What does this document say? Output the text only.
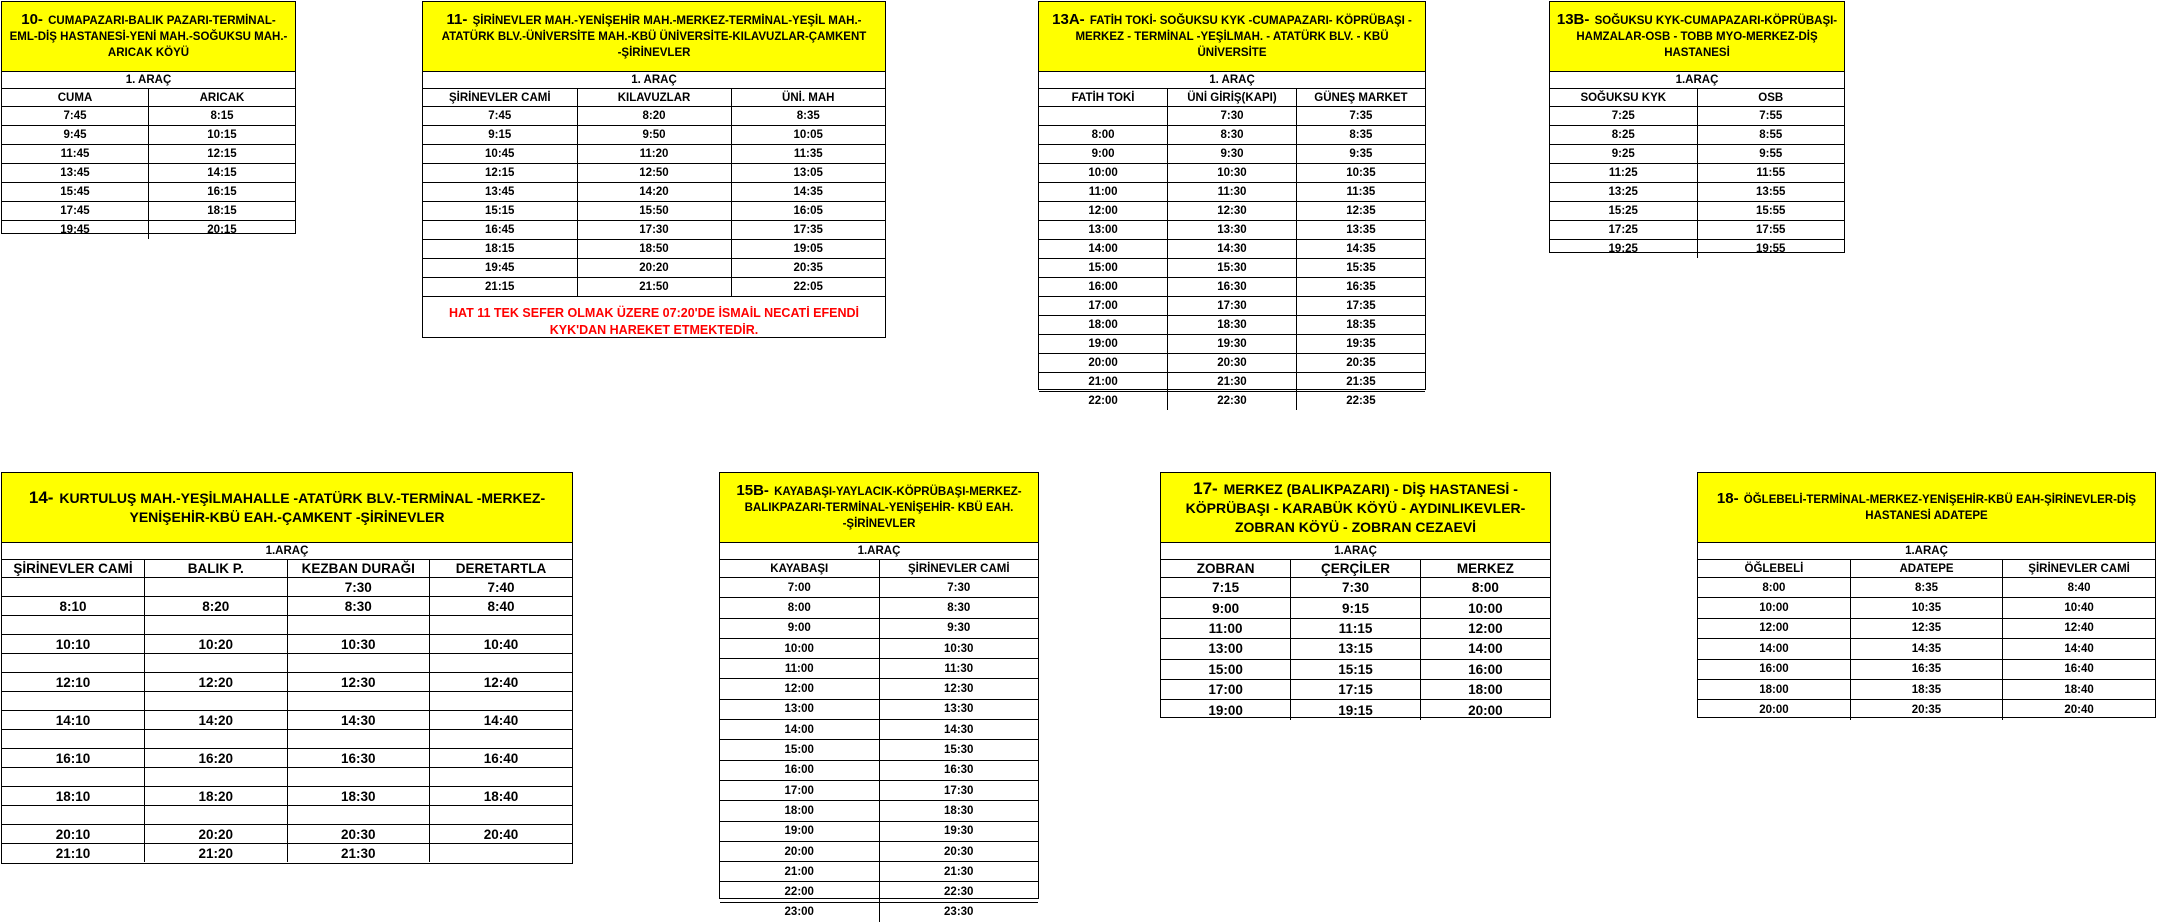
10- CUMAPAZARI-BALIK PAZARI-TERMİNAL-EML-DİŞ HASTANESİ-YENİ MAH.-SOĞUKSU MAH.-ARICAK KÖYÜ
1. ARAÇ
CUMA	ARICAK
7:45	8:15
9:45	10:15
11:45	12:15
13:45	14:15
15:45	16:15
17:45	18:15
19:45	20:15
11- ŞİRİNEVLER MAH.-YENİŞEHİR MAH.-MERKEZ-TERMİNAL-YEŞİL MAH.-ATATÜRK BLV.-ÜNİVERSİTE MAH.-KBÜ ÜNİVERSİTE-KILAVUZLAR-ÇAMKENT -ŞİRİNEVLER
1. ARAÇ
ŞİRİNEVLER CAMİ	KILAVUZLAR	ÜNİ. MAH
7:45	8:20	8:35
9:15	9:50	10:05
10:45	11:20	11:35
12:15	12:50	13:05
13:45	14:20	14:35
15:15	15:50	16:05
16:45	17:30	17:35
18:15	18:50	19:05
19:45	20:20	20:35
21:15	21:50	22:05
HAT 11 TEK SEFER OLMAK ÜZERE 07:20'DE İSMAİL NECATİ EFENDİ KYK'DAN HAREKET ETMEKTEDİR.
13A- FATİH TOKİ- SOĞUKSU KYK -CUMAPAZARI- KÖPRÜBAŞI -MERKEZ - TERMİNAL -YEŞİLMAH. - ATATÜRK BLV. - KBÜ ÜNİVERSİTE
1. ARAÇ
FATİH TOKİ	ÜNİ GİRİŞ(KAPI)	GÜNEŞ MARKET
	7:30	7:35
8:00	8:30	8:35
9:00	9:30	9:35
10:00	10:30	10:35
11:00	11:30	11:35
12:00	12:30	12:35
13:00	13:30	13:35
14:00	14:30	14:35
15:00	15:30	15:35
16:00	16:30	16:35
17:00	17:30	17:35
18:00	18:30	18:35
19:00	19:30	19:35
20:00	20:30	20:35
21:00	21:30	21:35
22:00	22:30	22:35
13B- SOĞUKSU KYK-CUMAPAZARI-KÖPRÜBAŞI-HAMZALAR-OSB - TOBB MYO-MERKEZ-DİŞ HASTANESİ
1.ARAÇ
SOĞUKSU KYK	OSB
7:25	7:55
8:25	8:55
9:25	9:55
11:25	11:55
13:25	13:55
15:25	15:55
17:25	17:55
19:25	19:55
14- KURTULUŞ MAH.-YEŞİLMAHALLE -ATATÜRK BLV.-TERMİNAL -MERKEZ-YENİŞEHİR-KBÜ EAH.-ÇAMKENT -ŞİRİNEVLER
1.ARAÇ
ŞİRİNEVLER CAMİ	BALIK P.	KEZBAN DURAĞI	DERETARTLA
		7:30	7:40
8:10	8:20	8:30	8:40

10:10	10:20	10:30	10:40

12:10	12:20	12:30	12:40

14:10	14:20	14:30	14:40

16:10	16:20	16:30	16:40

18:10	18:20	18:30	18:40

20:10	20:20	20:30	20:40
21:10	21:20	21:30	
15B- KAYABAŞI-YAYLACIK-KÖPRÜBAŞI-MERKEZ-BALIKPAZARI-TERMİNAL-YENİŞEHİR- KBÜ EAH. -ŞİRİNEVLER
1.ARAÇ
KAYABAŞI	ŞİRİNEVLER CAMİ
7:00	7:30
8:00	8:30
9:00	9:30
10:00	10:30
11:00	11:30
12:00	12:30
13:00	13:30
14:00	14:30
15:00	15:30
16:00	16:30
17:00	17:30
18:00	18:30
19:00	19:30
20:00	20:30
21:00	21:30
22:00	22:30
23:00	23:30
17- MERKEZ (BALIKPAZARI) - DİŞ HASTANESİ - KÖPRÜBAŞI - KARABÜK KÖYÜ - AYDINLIKEVLER- ZOBRAN KÖYÜ - ZOBRAN CEZAEVİ
1.ARAÇ
ZOBRAN	ÇERÇİLER	MERKEZ
7:15	7:30	8:00
9:00	9:15	10:00
11:00	11:15	12:00
13:00	13:15	14:00
15:00	15:15	16:00
17:00	17:15	18:00
19:00	19:15	20:00
18- ÖĞLEBELİ-TERMİNAL-MERKEZ-YENİŞEHİR-KBÜ EAH-ŞİRİNEVLER-DİŞ HASTANESİ ADATEPE
1.ARAÇ
ÖĞLEBELİ	ADATEPE	ŞİRİNEVLER CAMİ
8:00	8:35	8:40
10:00	10:35	10:40
12:00	12:35	12:40
14:00	14:35	14:40
16:00	16:35	16:40
18:00	18:35	18:40
20:00	20:35	20:40
